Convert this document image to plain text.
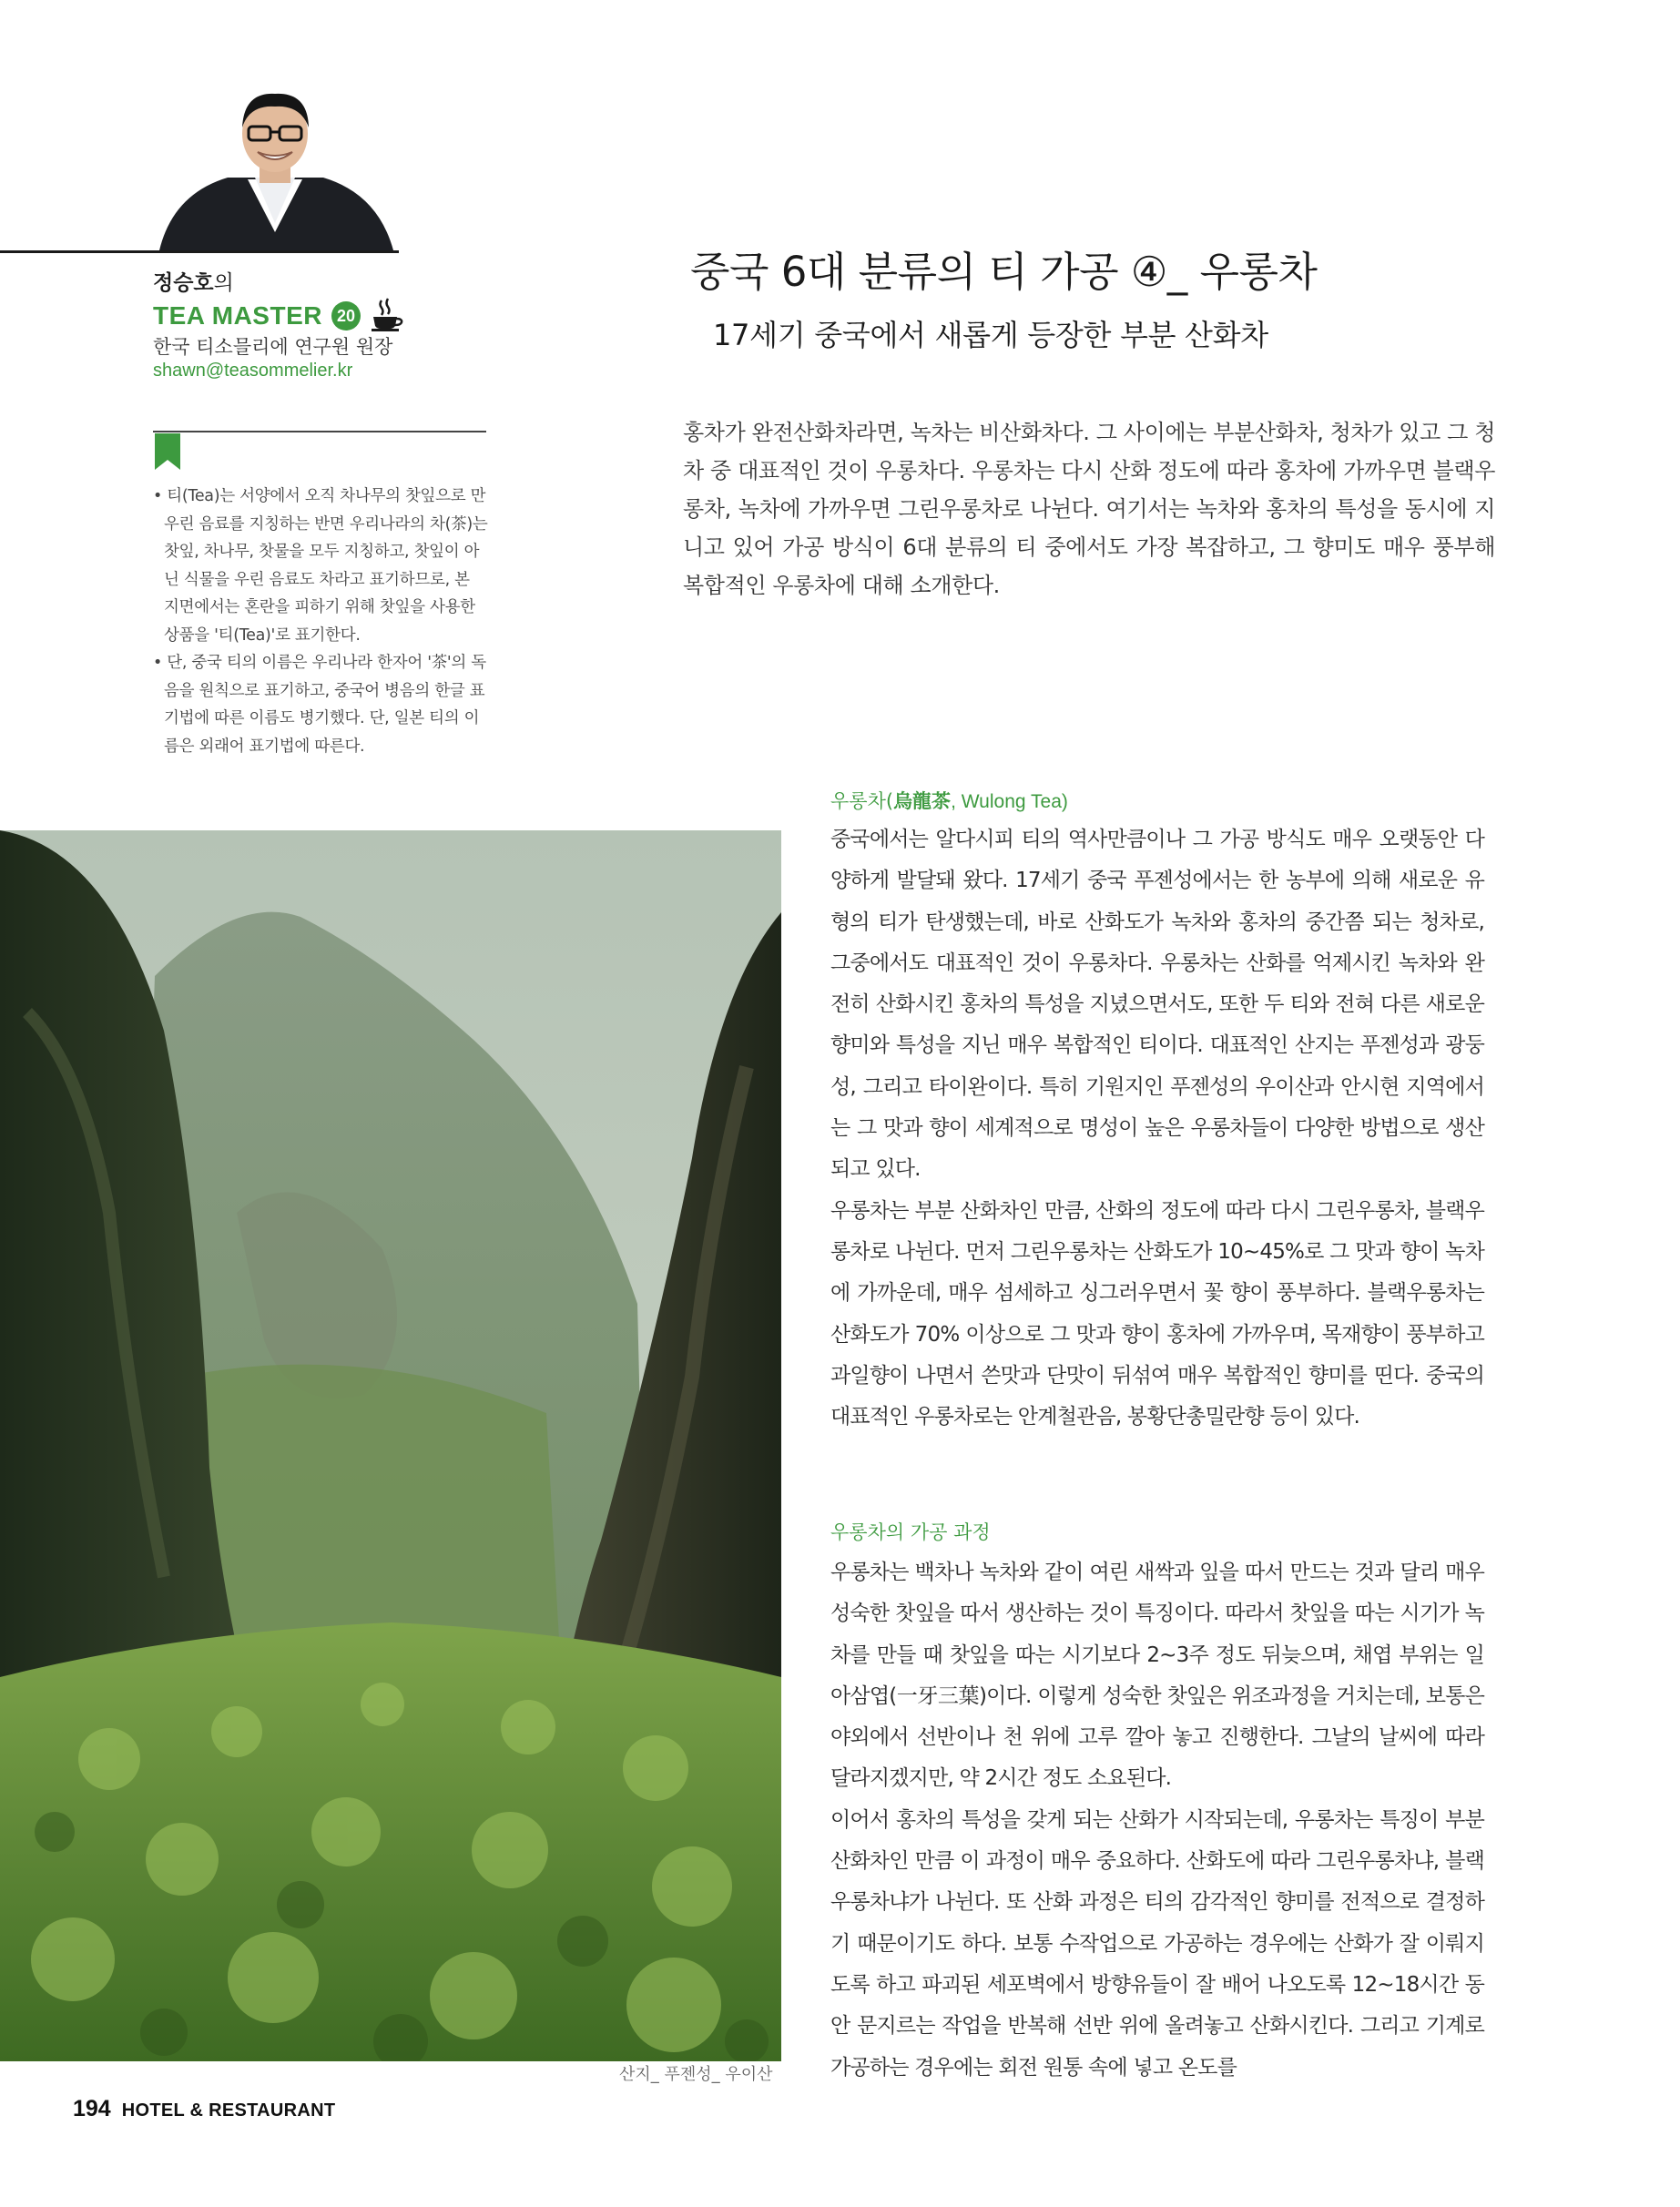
정승호의
TEA MASTER 20
한국 티소믈리에 연구원 원장
shawn@teasommelier.kr
• 티(Tea)는 서양에서 오직 차나무의 찻잎으로 만 우린 음료를 지칭하는 반면 우리나라의 차(茶)는 찻잎, 차나무, 찻물을 모두 지칭하고, 찻잎이 아닌 식물을 우린 음료도 차라고 표기하므로, 본 지면에서는 혼란을 피하기 위해 찻잎을 사용한 상품을 '티(Tea)'로 표기한다.
• 단, 중국 티의 이름은 우리나라 한자어 '茶'의 독음을 원칙으로 표기하고, 중국어 병음의 한글 표기법에 따른 이름도 병기했다. 단, 일본 티의 이름은 외래어 표기법에 따른다.
중국 6대 분류의 티 가공 ④_ 우롱차
17세기 중국에서 새롭게 등장한 부분 산화차

홍차가 완전산화차라면, 녹차는 비산화차다. 그 사이에는 부분산화차, 청차가 있고 그 청차 중 대표적인 것이 우롱차다. 우롱차는 다시 산화 정도에 따라 홍차에 가까우면 블랙우롱차, 녹차에 가까우면 그린우롱차로 나뉜다. 여기서는 녹차와 홍차의 특성을 동시에 지니고 있어 가공 방식이 6대 분류의 티 중에서도 가장 복잡하고, 그 향미도 매우 풍부해 복합적인 우롱차에 대해 소개한다.

산지_ 푸젠성_ 우이산
우롱차(烏龍茶, Wulong Tea)

중국에서는 알다시피 티의 역사만큼이나 그 가공 방식도 매우 오랫동안 다양하게 발달돼 왔다. 17세기 중국 푸젠성에서는 한 농부에 의해 새로운 유형의 티가 탄생했는데, 바로 산화도가 녹차와 홍차의 중간쯤 되는 청차로, 그중에서도 대표적인 것이 우롱차다. 우롱차는 산화를 억제시킨 녹차와 완전히 산화시킨 홍차의 특성을 지녔으면서도, 또한 두 티와 전혀 다른 새로운 향미와 특성을 지닌 매우 복합적인 티이다. 대표적인 산지는 푸젠성과 광둥성, 그리고 타이완이다. 특히 기원지인 푸젠성의 우이산과 안시현 지역에서는 그 맛과 향이 세계적으로 명성이 높은 우롱차들이 다양한 방법으로 생산되고 있다.

우롱차는 부분 산화차인 만큼, 산화의 정도에 따라 다시 그린우롱차, 블랙우롱차로 나뉜다. 먼저 그린우롱차는 산화도가 10~45%로 그 맛과 향이 녹차에 가까운데, 매우 섬세하고 싱그러우면서 꽃 향이 풍부하다. 블랙우롱차는 산화도가 70% 이상으로 그 맛과 향이 홍차에 가까우며, 목재향이 풍부하고 과일향이 나면서 쓴맛과 단맛이 뒤섞여 매우 복합적인 향미를 띤다. 중국의 대표적인 우롱차로는 안계철관음, 봉황단총밀란향 등이 있다.

우롱차의 가공 과정

우롱차는 백차나 녹차와 같이 여린 새싹과 잎을 따서 만드는 것과 달리 매우 성숙한 찻잎을 따서 생산하는 것이 특징이다. 따라서 찻잎을 따는 시기가 녹차를 만들 때 찻잎을 따는 시기보다 2~3주 정도 뒤늦으며, 채엽 부위는 일아삼엽(一牙三葉)이다. 이렇게 성숙한 찻잎은 위조과정을 거치는데, 보통은 야외에서 선반이나 천 위에 고루 깔아 놓고 진행한다. 그날의 날씨에 따라 달라지겠지만, 약 2시간 정도 소요된다.

이어서 홍차의 특성을 갖게 되는 산화가 시작되는데, 우롱차는 특징이 부분 산화차인 만큼 이 과정이 매우 중요하다. 산화도에 따라 그린우롱차냐, 블랙우롱차냐가 나뉜다. 또 산화 과정은 티의 감각적인 향미를 전적으로 결정하기 때문이기도 하다. 보통 수작업으로 가공하는 경우에는 산화가 잘 이뤄지도록 하고 파괴된 세포벽에서 방향유들이 잘 배어 나오도록 12~18시간 동안 문지르는 작업을 반복해 선반 위에 올려놓고 산화시킨다. 그리고 기계로 가공하는 경우에는 회전 원통 속에 넣고 온도를

194 HOTEL & RESTAURANT
